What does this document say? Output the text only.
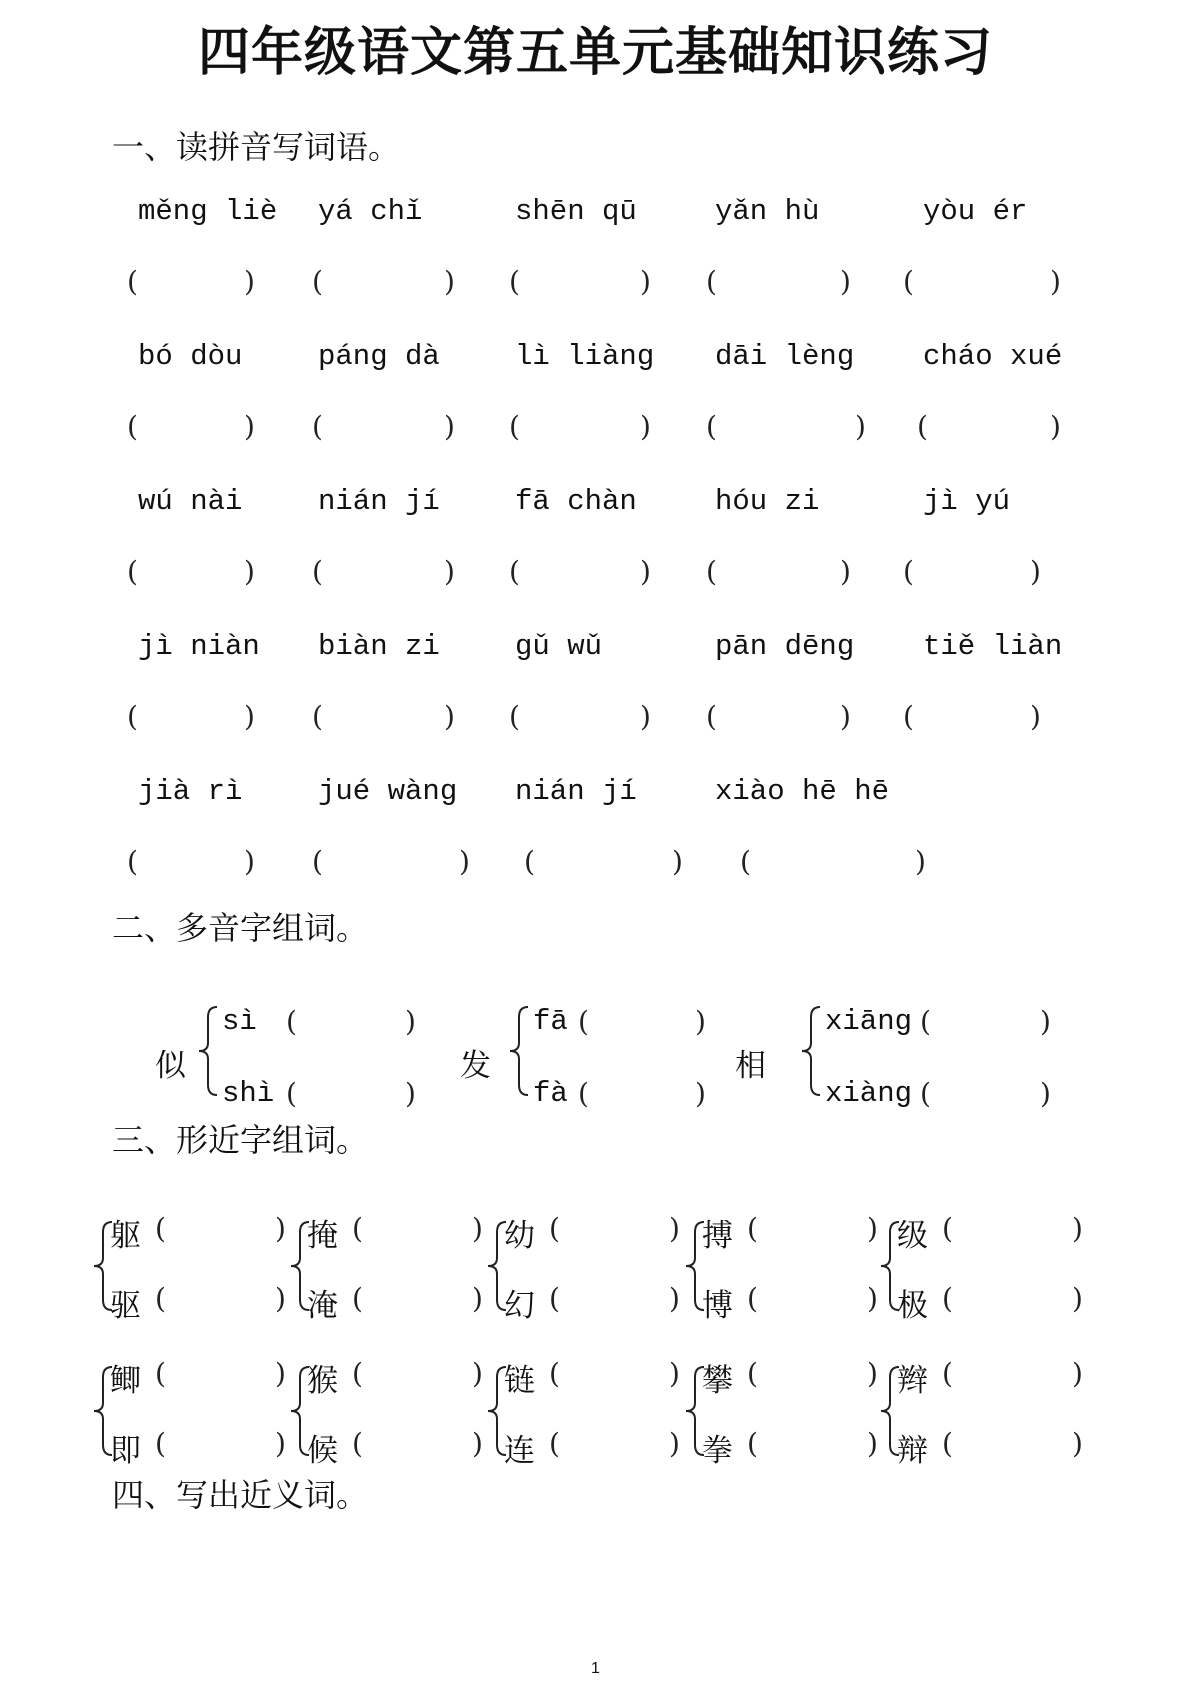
四年级语文第五单元基础知识练习
一、读拼音写词语。
二、多音字组词。
三、形近字组词。
四、写出近义词。
měng liè
(	)
yá chǐ
(	)
shēn qū
(	)
yǎn hù
(	)
yòu ér
(	)
bó dòu
(	)
páng dà
(	)
lì liàng
(	)
dāi lèng
(	)
cháo xué
(	)
wú nài
(	)
nián jí
(	)
fā chàn
(	)
hóu zi
(	)
jì yú
(	)
jì niàn
(	)
biàn zi
(	)
gǔ wǔ
(	)
pān dēng
(	)
tiě liàn
(	)
jià rì
(	)
jué wàng
(	)
nián jí
(	)
xiào hē hē
(	)
似
sì (	)
shì (	)
发
fā (	)
fà (	)
相
xiāng (	)
xiàng (	)
躯 (	)
驱 (	)
掩 (	)
淹 (	)
幼 (	)
幻 (	)
搏 (	)
博 (	)
级 (	)
极 (	)
鲫 (	)
即 (	)
猴 (	)
候 (	)
链 (	)
连 (	)
攀 (	)
拳 (	)
辫 (	)
辩 (	)
1
